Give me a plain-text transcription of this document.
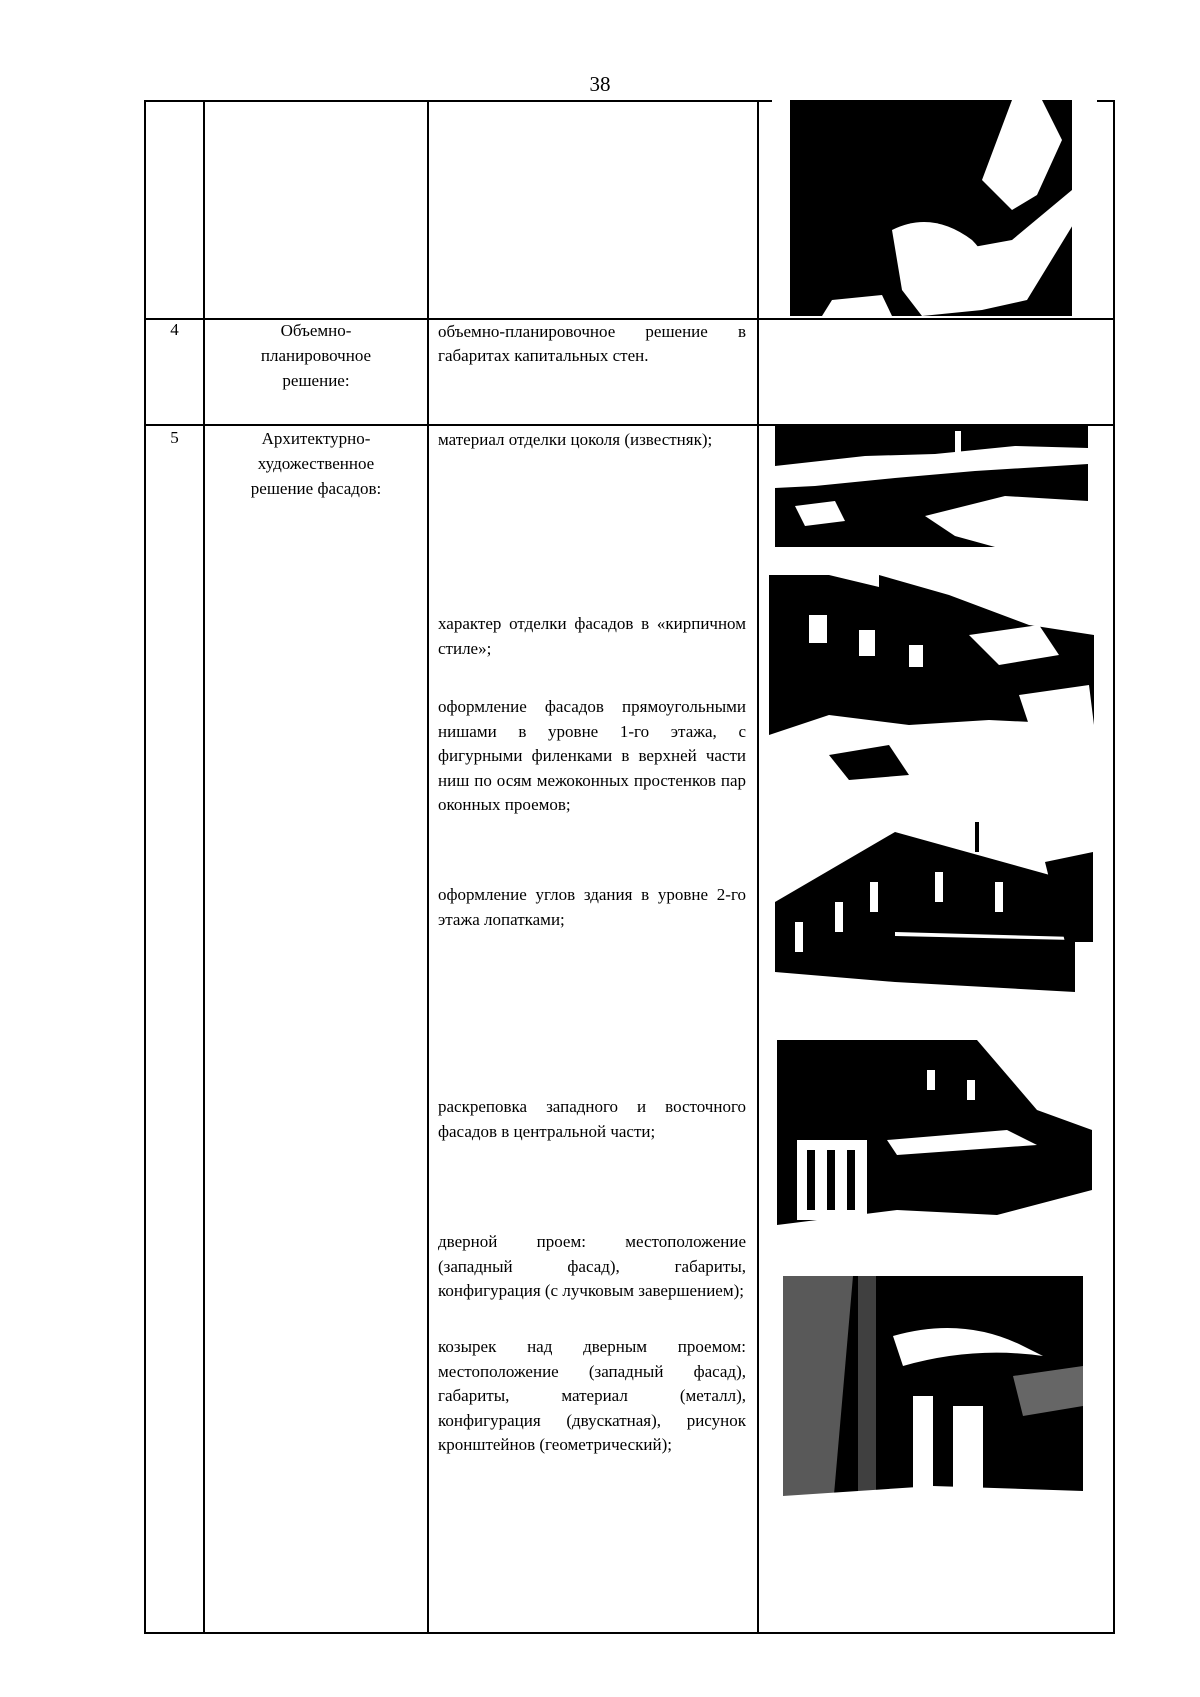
38
4	Объемно-планировочное решение:
объемно-планировочное решение в габаритах капитальных стен.
5	Архитектурно-художественное решение фасадов:
материал отделки цоколя (известняк);
характер отделки фасадов в «кирпичном стиле»;
оформление фасадов прямоугольными нишами в уровне 1-го этажа, с фигурными филенками в верхней части ниш по осям межоконных простенков пар оконных проемов;
оформление углов здания в уровне 2-го этажа лопатками;
раскреповка западного и восточного фасадов в центральной части;
дверной проем: местоположение (западный фасад), габариты, конфигурация (с лучковым завершением);
козырек над дверным проемом: местоположение (западный фасад), габариты, материал (металл), конфигурация (двускатная), рисунок кронштейнов (геометрический);
